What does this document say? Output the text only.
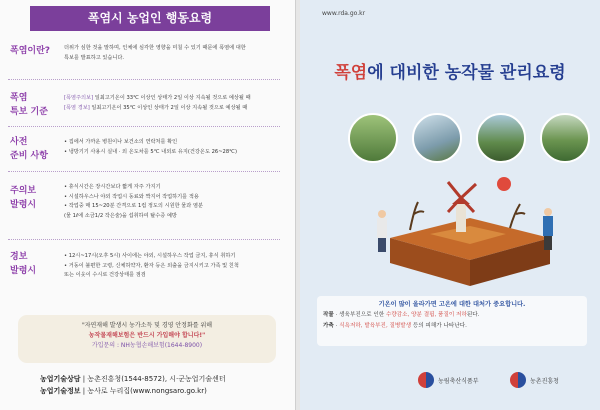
폭염시 농업인 행동요령
폭염이란?	더위가 심한 것을 말하며, 인체에 심각한 영향을 미칠 수 있기 때문에 폭염에 대한
특보를 발표하고 있습니다.
폭염
특보 기준
[폭염주의보] 일최고기온이 33℃ 이상인 상태가 2일 이상 지속될 것으로 예상될 때
[폭염 경보] 일최고기온이 35℃ 이상인 상태가 2일 이상 지속될 것으로 예상될 때
사전
준비 사항
• 집에서 가까운 병원이나 보건소의 연락처를 확인
• 냉방기기 사용시 실내 · 외 온도차를 5℃ 내외로 유지(건강온도 26~28℃)
주의보
발령시
• 휴식시간은 장시간보다 짧게 자주 가지기
• 시설하우스나 야외 작업시 동료와 짝지어 작업하기를 적용
• 작업중 매 15~20분 간격으로 1컵 정도의 시원한 물과 염분
(물 1ℓ에 소금1/2 작은술)을 섭취하여 탈수증 예방
경보
발령시
• 12시~17시(오후 5시) 사이에는 야외, 시설하우스 작업 금지, 휴식 취하기
• 거동이 불편한 고령, 신체허약자, 환자 등은 외출을 금지시키고 가족 및 친척
또는 이웃이 수시로 건강상태를 점검
"자연재해 발생시 농가소득 및 경영 안정화를 위해
농작물재해보험은 반드시 가입해야 합니다!"
가입문의 : NH농협손해보험(1644-8900)
농업기술상담 | 농촌진흥청(1544-8572), 시·군농업기술센터
농업기술정보 | 농사로 누리집(www.nongsaro.go.kr)
www.rda.go.kr
폭염에 대비한 농작물 관리요령
기온이 많이 올라가면 고온에 대한 대처가 중요합니다.
작물 · 생육부진으로 인한 수량감소, 양분 결핍, 품질이 저하된다.
가축 · 식욕저하, 발육부진, 질병발생 등의 피해가 나타난다.
농림축산식품부	농촌진흥청
